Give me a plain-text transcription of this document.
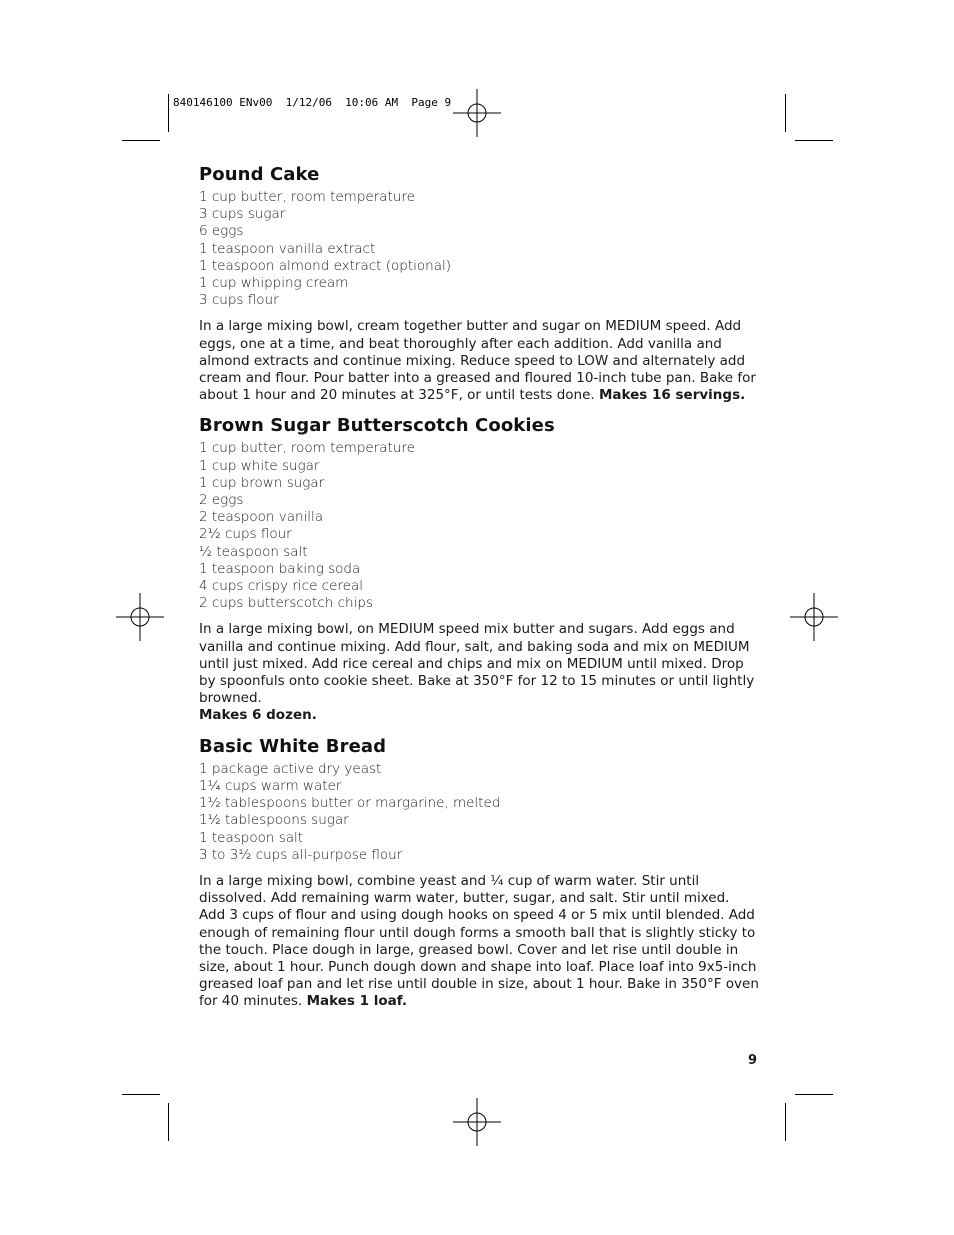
840146100 ENv00  1/12/06  10:06 AM  Page 9
Pound Cake
1 cup butter, room temperature
3 cups sugar
6 eggs
1 teaspoon vanilla extract
1 teaspoon almond extract (optional)
1 cup whipping cream
3 cups flour

In a large mixing bowl, cream together butter and sugar on MEDIUM speed. Add eggs, one at a time, and beat thoroughly after each addition. Add vanilla and almond extracts and continue mixing. Reduce speed to LOW and alternately add cream and flour. Pour batter into a greased and floured 10-inch tube pan. Bake for about 1 hour and 20 minutes at 325°F, or until tests done. Makes 16 servings.

Brown Sugar Butterscotch Cookies
1 cup butter, room temperature
1 cup white sugar
1 cup brown sugar
2 eggs
2 teaspoon vanilla
2½ cups flour
½ teaspoon salt
1 teaspoon baking soda
4 cups crispy rice cereal
2 cups butterscotch chips

In a large mixing bowl, on MEDIUM speed mix butter and sugars. Add eggs and vanilla and continue mixing. Add flour, salt, and baking soda and mix on MEDIUM until just mixed. Add rice cereal and chips and mix on MEDIUM until mixed. Drop by spoonfuls onto cookie sheet. Bake at 350°F for 12 to 15 minutes or until lightly browned.
Makes 6 dozen.

Basic White Bread
1 package active dry yeast
1¼ cups warm water
1½ tablespoons butter or margarine, melted
1½ tablespoons sugar
1 teaspoon salt
3 to 3½ cups all-purpose flour

In a large mixing bowl, combine yeast and ¼ cup of warm water. Stir until dissolved. Add remaining warm water, butter, sugar, and salt. Stir until mixed. Add 3 cups of flour and using dough hooks on speed 4 or 5 mix until blended. Add enough of remaining flour until dough forms a smooth ball that is slightly sticky to the touch. Place dough in large, greased bowl. Cover and let rise until double in size, about 1 hour. Punch dough down and shape into loaf. Place loaf into 9x5-inch greased loaf pan and let rise until double in size, about 1 hour. Bake in 350°F oven for 40 minutes. Makes 1 loaf.

9
